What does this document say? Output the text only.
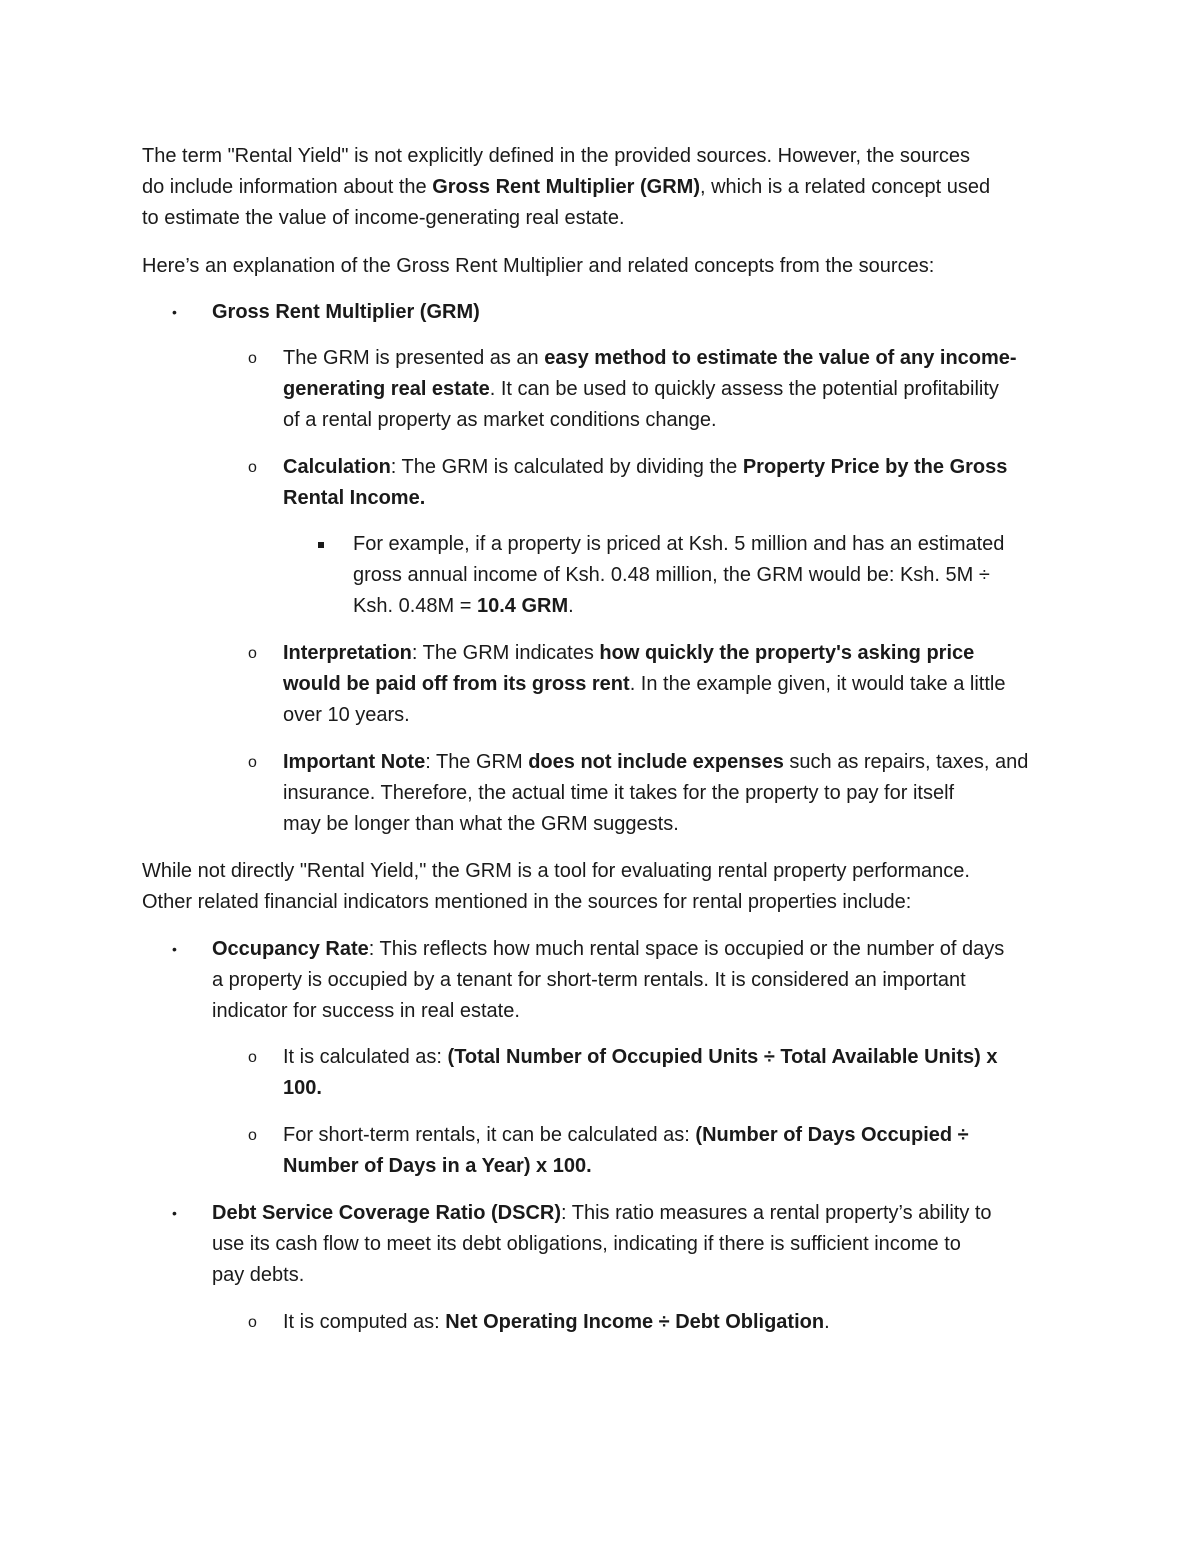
The term "Rental Yield" is not explicitly defined in the provided sources. However, the sources
do include information about the Gross Rent Multiplier (GRM), which is a related concept used
to estimate the value of income-generating real estate.
Here’s an explanation of the Gross Rent Multiplier and related concepts from the sources:
• Gross Rent Multiplier (GRM)
o The GRM is presented as an easy method to estimate the value of any income-
generating real estate. It can be used to quickly assess the potential profitability
of a rental property as market conditions change.
o Calculation: The GRM is calculated by dividing the Property Price by the Gross
Rental Income.
For example, if a property is priced at Ksh. 5 million and has an estimated
gross annual income of Ksh. 0.48 million, the GRM would be: Ksh. 5M ÷
Ksh. 0.48M = 10.4 GRM.
o Interpretation: The GRM indicates how quickly the property's asking price
would be paid off from its gross rent. In the example given, it would take a little
over 10 years.
o Important Note: The GRM does not include expenses such as repairs, taxes, and
insurance. Therefore, the actual time it takes for the property to pay for itself
may be longer than what the GRM suggests.
While not directly "Rental Yield," the GRM is a tool for evaluating rental property performance.
Other related financial indicators mentioned in the sources for rental properties include:
• Occupancy Rate: This reflects how much rental space is occupied or the number of days
a property is occupied by a tenant for short-term rentals. It is considered an important
indicator for success in real estate.
o It is calculated as: (Total Number of Occupied Units ÷ Total Available Units) x
100.
o For short-term rentals, it can be calculated as: (Number of Days Occupied ÷
Number of Days in a Year) x 100.
• Debt Service Coverage Ratio (DSCR): This ratio measures a rental property’s ability to
use its cash flow to meet its debt obligations, indicating if there is sufficient income to
pay debts.
o It is computed as: Net Operating Income ÷ Debt Obligation.
